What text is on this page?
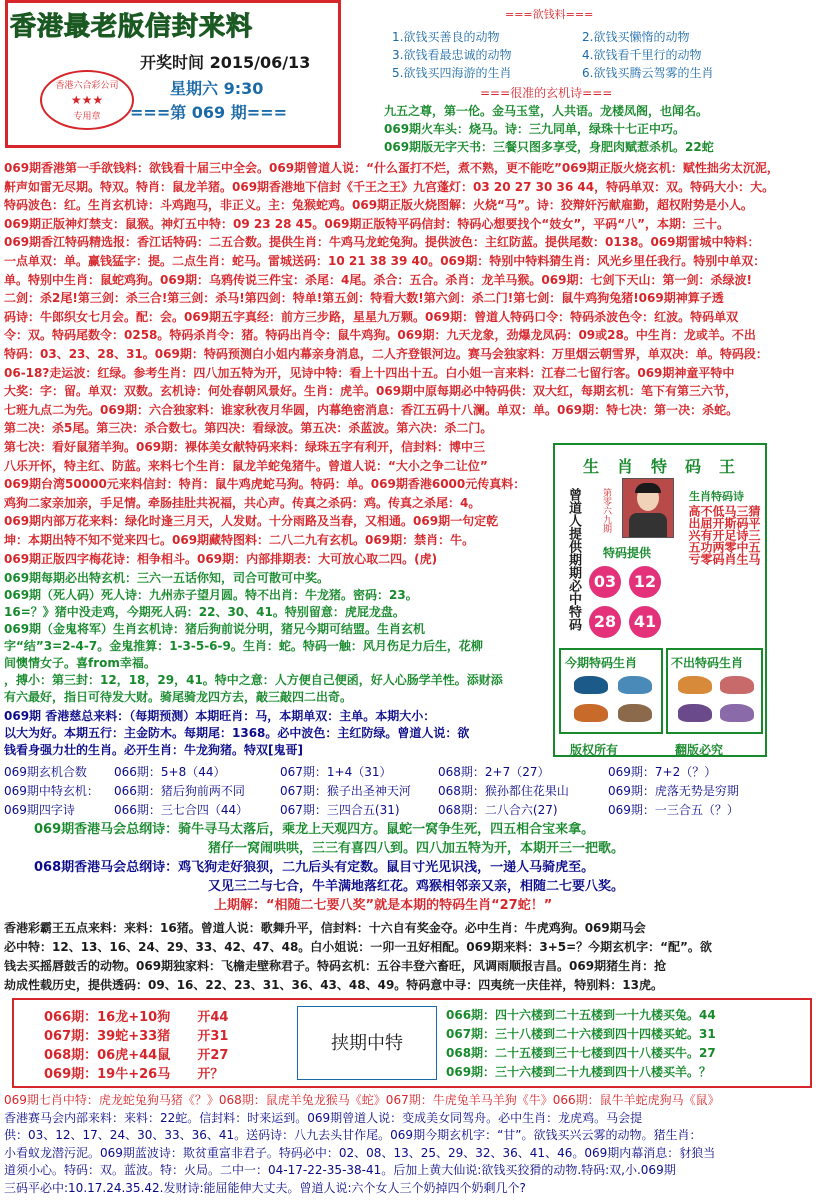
香港最老版信封来料
开奖时间 2015/06/13
星期六 9:30
===第 069 期===
香港六合彩公司
★★★
专用章
===欲钱料===
1.欲钱买善良的动物	2.欲钱买懒惰的动物
3.欲钱看最忠诚的动物	4.欲钱看千里行的动物
5.欲钱买四海游的生肖	6.欲钱买腾云驾雾的生肖
===很准的玄机诗===
九五之尊，第一伦。金马玉堂，人共语。龙楼凤阁，也闻名。
069期火车头：烧马。诗：三九同单，绿珠十七正中巧。
069期版无字天书：三餐只图多享受，身肥肉赋惹杀机。22蛇
069期香港第一手欲钱料：欲钱看十届三中全会。069期曾道人说：“什么蛋打不烂，煮不熟，更不能吃”069期正版火烧玄机：赋性拙劣太沉泥，
鼾声如雷无尽期。特双。特肖：鼠龙羊猪。069期香港地下信封《千王之王》九宫蓬灯：03 20 27 30 36 44，特码单双：双。特码大小：大。
特码波色：红。生肖玄机诗：斗鸡跑马，非正义。主：兔猴蛇鸡。069期正版火烧图解：火烧“马”。诗：狡辩奸污献雇勤，超权附势是小人。
069期正版神灯禁支：鼠猴。神灯五中特：09 23 28 45。069期正版特平码信封：特码心想要找个“妓女”，平码“八”，本期：三十。
069期香江特码精选报：香江话特码：二五合数。提供生肖：牛鸡马龙蛇兔狗。提供波色：主红防蓝。提供尾数：0138。069期雷城中特料：
一点单双：单。赢钱猛字：提。二点生肖：蛇马。雷城送码：10 21 38 39 40。069期：特别中特料猜生肖：风光乡里任我行。特别中单双：
单。特别中生肖：鼠蛇鸡狗。069期：乌鸦传说三件宝：杀尾：4尾。杀合：五合。杀肖：龙羊马猴。069期：七剑下天山：第一剑：杀绿波!
二剑：杀2尾!第三剑：杀三合!第三剑：杀马!第四剑：特单!第五剑：特看大数!第六剑：杀二门!第七剑：鼠牛鸡狗兔猪!069期神算子透
码诗：牛郎织女七月会。配：会。069期五字真经：前方三步路，星星九万颗。069期：曾道人特码口令：特码杀波色令：红波。特码单双
令：双。特码尾数令：0258。特码杀肖令：猪。特码出肖令：鼠牛鸡狗。069期：九天龙象，劲爆龙凤码：09或28。中生肖：龙或羊。不出
特码：03、23、28、31。069期：特码预测白小姐内幕亲身消息，二人齐登银河边。赛马会独家料：万里烟云朝雪界，单双决：单。特码段：
06-18?走运波：红绿。参考生肖：四八加五特为开，见诗中特：看上十四出十五。白小姐一言来料：江春二七留行客。069期神童平特中
大奖：字：留。单双：双数。玄机诗：何处春朝风景好。生肖：虎羊。069期中原每期必中特码供：双大红，每期玄机：笔下有第三六节，
七班九点二为先。069期：六合独家料：谁家秋夜月华圆，内幕绝密消息：香江五码十八澜。单双：单。069期：特七决：第一决：杀蛇。
第二决：杀5尾。第三决：杀合数七。第四决：看绿波。第五决：杀蓝波。第六决：杀二门。
第七决：看好鼠猪羊狗。069期：裸体美女献特码来料：绿珠五字有利开，信封料：博中三
八乐开怀，特主红、防蓝。来料七个生肖：鼠龙羊蛇兔猪牛。曾道人说：“大小之争二让位”
069期台湾50000元来料信封：特肖：鼠牛鸡虎蛇马狗。特码：单。069期香港6000元传真料：
鸡狗二家亲加亲，手足情。牵肠挂肚共祝福，共心声。传真之杀码：鸡。传真之杀尾：4。
069期内部万花来料：绿化时逢三月天，人发财。十分雨路及当春，又相通。069期一句定乾
坤：本期出特不知不觉来四七。069期藏特图料：二八二九有玄机。069期：禁肖：牛。
069期正版四字梅花诗：相争相斗。069期：内部排期表：大可放心取二四。(虎)
069期每期必出特玄机：三六一五话你知，司合可散可中奖。
069期（死人码）死人诗：九州赤子望月圆。特不出肖：牛龙猪。密码：23。
16=？》猪中没走鸡，今期死人码：22、30、41。特别留意：虎屁龙盘。
069期（金鬼将军）生肖玄机诗：猪后狗前说分明，猪兄今期可结盟。生肖玄机
字“结”3=2-4-7。金鬼推算：1-3-5-6-9。生肖：蛇。特码一触：风月伤足力后生，花柳
间懊情女子。喜from幸福。
，搏小：第三封：12，18，29，41。特中之意：人方便自己便函，好人心肠学羊性。添财添
有六最好，指日可待发大财。骑尾骑龙四方去，敲三敲四二出奇。
069期 香港慈总来料：（每期预测）本期旺肖：马，本期单双：主单。本期大小：
以大为好。本期五行：主金防木。每期尾：1368。必中波色：主红防绿。曾道人说：欲
钱看身强力壮的生肖。必开生肖：牛龙狗猪。特双[鬼哥]
生肖特码王
曾道人提供期期必中特码 第零六九期	生肖特码诗
猜平三五马
三码诗中生
马斯足零肖
低开开两码
不屈有功零
高出兴五亏
特码提供
03	12
28	41
今期特码生肖	不出特码生肖
版权所有	翻版必究
069期玄机合数 066期：5+8（44）	067期：1+4（31）	068期：2+7（27）	069期：7+2（？）
069期中特玄机： 066期：猪后狗前两不同	067期：猴子出圣神天河 068期：猴孙都住花果山	069期：虎落无势是穷期
069期四字诗	066期：三七合四（44）	067期：三四合五(31)	068期：二八合六(27)	069期：一三合五（？）
069期香港马会总纲诗：骑牛寻马太落后，乘龙上天观四方。鼠蛇一窝争生死，四五相合宝来拿。
猪仔一窝闹哄哄，三三有喜四八到。四八加五特为开，本期开三一把歌。
068期香港马会总纲诗：鸡飞狗走好狼狈，二九后头有定数。鼠目寸光见识浅，一递人马骑虎至。
又见三二与七合，牛羊满地落红花。鸡猴相邻亲又亲，相随二七要八奖。
上期解：“相随二七要八奖”就是本期的特码生肖“27蛇！”
香港彩霸王五点来料：来料：16猪。曾道人说：歌舞升平，信封料：十六自有奖金夺。必中生肖：牛虎鸡狗。069期马会
必中特：12、13、16、24、29、33、42、47、48。白小姐说：一卯一丑好相配。069期来料：3+5=？今期玄机字：“配”。欲
钱去买摇唇鼓舌的动物。069期独家料：飞檐走壁称君子。特码玄机：五谷丰登六畜旺，风调雨顺报吉昌。069期猪生肖：抢
劫成性载历史，提供透码：09、16、22、23、31、36、43、48、49。特码意中寻：四夷统一庆佳祥，特别料：13虎。
挟期中特
066期：16龙+10狗 开44
067期：39蛇+33猪 开31
068期：06虎+44鼠 开27
069期：19牛+26马 开？
066期：四十六楼到二十五楼到一十九楼买兔。44
067期：三十八楼到二十六楼到四十四楼买蛇。31
068期：二十五楼到三十七楼到四十八楼买牛。27
069期：三十六楼到二十九楼到四十八楼买羊。？
069期七肖中特：虎龙蛇兔狗马猪《？》068期：鼠虎羊兔龙猴马《蛇》067期：牛虎兔羊马羊狗《牛》066期：鼠牛羊蛇虎狗马《鼠》
香港赛马会内部来料：来料：22蛇。信封料：时来运到。069期曾道人说：变成美女同驾舟。必中生肖：龙虎鸡。马会提
供：03、12、17、24、30、33、36、41。送码诗：八九去头甘作尾。069期今期玄机字：“甘”。欲钱买兴云雾的动物。猪生肖：
小看蚁龙潜污泥。069期蓝波诗：欺贫重富非君子。特码必中：02、08、13、25、29、32、36、41、46。069期内幕消息：豺狼当
道须小心。特码：双。蓝波。特：火局。二中一：04-17-22-35-38-41。后加上黄大仙说:欲钱买狡猾的动物.特码:双,小.069期
三码平必中:10.17.24.35.42.发财诗:能屈能伸大丈夫。曾道人说:六个女人三个奶掉四个奶剩几个?
